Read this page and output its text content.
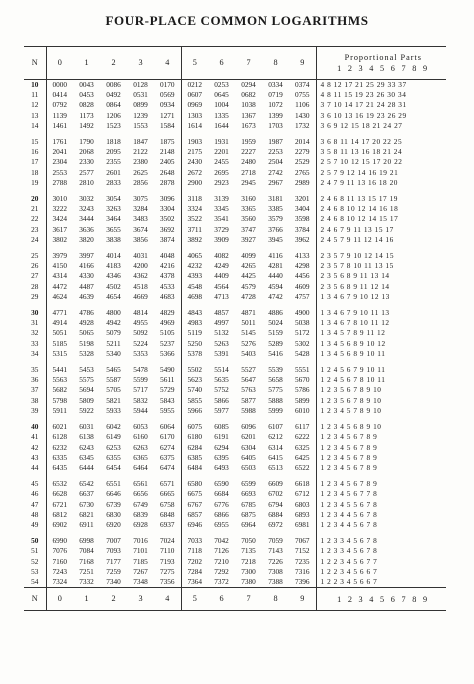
FOUR-PLACE COMMON LOGARITHMS
N	0	1	2	3	4	5	6	7	8	9	Proportional Parts
1 2 3 4 5 6 7 8 9

10	0000	0043	0086	0128	0170	0212	0253	0294	0334	0374	4 8 12 17 21 25 29 33 37
11	0414	0453	0492	0531	0569	0607	0645	0682	0719	0755	4 8 11 15 19 23 26 30 34
12	0792	0828	0864	0899	0934	0969	1004	1038	1072	1106	3 7 10 14 17 21 24 28 31
13	1139	1173	1206	1239	1271	1303	1335	1367	1399	1430	3 6 10 13 16 19 23 26 29
14	1461	1492	1523	1553	1584	1614	1644	1673	1703	1732	3 6 9 12 15 18 21 24 27

15	1761	1790	1818	1847	1875	1903	1931	1959	1987	2014	3 6 8 11 14 17 20 22 25
16	2041	2068	2095	2122	2148	2175	2201	2227	2253	2279	3 5 8 11 13 16 18 21 24
17	2304	2330	2355	2380	2405	2430	2455	2480	2504	2529	2 5 7 10 12 15 17 20 22
18	2553	2577	2601	2625	2648	2672	2695	2718	2742	2765	2 5 7 9 12 14 16 19 21
19	2788	2810	2833	2856	2878	2900	2923	2945	2967	2989	2 4 7 9 11 13 16 18 20

20	3010	3032	3054	3075	3096	3118	3139	3160	3181	3201	2 4 6 8 11 13 15 17 19
21	3222	3243	3263	3284	3304	3324	3345	3365	3385	3404	2 4 6 8 10 12 14 16 18
22	3424	3444	3464	3483	3502	3522	3541	3560	3579	3598	2 4 6 8 10 12 14 15 17
23	3617	3636	3655	3674	3692	3711	3729	3747	3766	3784	2 4 6 7 9 11 13 15 17
24	3802	3820	3838	3856	3874	3892	3909	3927	3945	3962	2 4 5 7 9 11 12 14 16

25	3979	3997	4014	4031	4048	4065	4082	4099	4116	4133	2 3 5 7 9 10 12 14 15
26	4150	4166	4183	4200	4216	4232	4249	4265	4281	4298	2 3 5 7 8 10 11 13 15
27	4314	4330	4346	4362	4378	4393	4409	4425	4440	4456	2 3 5 6 8 9 11 13 14
28	4472	4487	4502	4518	4533	4548	4564	4579	4594	4609	2 3 5 6 8 9 11 12 14
29	4624	4639	4654	4669	4683	4698	4713	4728	4742	4757	1 3 4 6 7 9 10 12 13

30	4771	4786	4800	4814	4829	4843	4857	4871	4886	4900	1 3 4 6 7 9 10 11 13
31	4914	4928	4942	4955	4969	4983	4997	5011	5024	5038	1 3 4 6 7 8 10 11 12
32	5051	5065	5079	5092	5105	5119	5132	5145	5159	5172	1 3 4 5 7 8 9 11 12
33	5185	5198	5211	5224	5237	5250	5263	5276	5289	5302	1 3 4 5 6 8 9 10 12
34	5315	5328	5340	5353	5366	5378	5391	5403	5416	5428	1 3 4 5 6 8 9 10 11

35	5441	5453	5465	5478	5490	5502	5514	5527	5539	5551	1 2 4 5 6 7 9 10 11
36	5563	5575	5587	5599	5611	5623	5635	5647	5658	5670	1 2 4 5 6 7 8 10 11
37	5682	5694	5705	5717	5729	5740	5752	5763	5775	5786	1 2 3 5 6 7 8 9 10
38	5798	5809	5821	5832	5843	5855	5866	5877	5888	5899	1 2 3 5 6 7 8 9 10
39	5911	5922	5933	5944	5955	5966	5977	5988	5999	6010	1 2 3 4 5 7 8 9 10

40	6021	6031	6042	6053	6064	6075	6085	6096	6107	6117	1 2 3 4 5 6 8 9 10
41	6128	6138	6149	6160	6170	6180	6191	6201	6212	6222	1 2 3 4 5 6 7 8 9
42	6232	6243	6253	6263	6274	6284	6294	6304	6314	6325	1 2 3 4 5 6 7 8 9
43	6335	6345	6355	6365	6375	6385	6395	6405	6415	6425	1 2 3 4 5 6 7 8 9
44	6435	6444	6454	6464	6474	6484	6493	6503	6513	6522	1 2 3 4 5 6 7 8 9

45	6532	6542	6551	6561	6571	6580	6590	6599	6609	6618	1 2 3 4 5 6 7 8 9
46	6628	6637	6646	6656	6665	6675	6684	6693	6702	6712	1 2 3 4 5 6 7 7 8
47	6721	6730	6739	6749	6758	6767	6776	6785	6794	6803	1 2 3 4 5 5 6 7 8
48	6812	6821	6830	6839	6848	6857	6866	6875	6884	6893	1 2 3 4 4 5 6 7 8
49	6902	6911	6920	6928	6937	6946	6955	6964	6972	6981	1 2 3 4 4 5 6 7 8

50	6990	6998	7007	7016	7024	7033	7042	7050	7059	7067	1 2 3 3 4 5 6 7 8
51	7076	7084	7093	7101	7110	7118	7126	7135	7143	7152	1 2 3 3 4 5 6 7 8
52	7160	7168	7177	7185	7193	7202	7210	7218	7226	7235	1 2 2 3 4 5 6 7 7
53	7243	7251	7259	7267	7275	7284	7292	7300	7308	7316	1 2 2 3 4 5 6 6 7
54	7324	7332	7340	7348	7356	7364	7372	7380	7388	7396	1 2 2 3 4 5 6 6 7
N	0	1	2	3	4	5	6	7	8	9	1 2 3 4 5 6 7 8 9
